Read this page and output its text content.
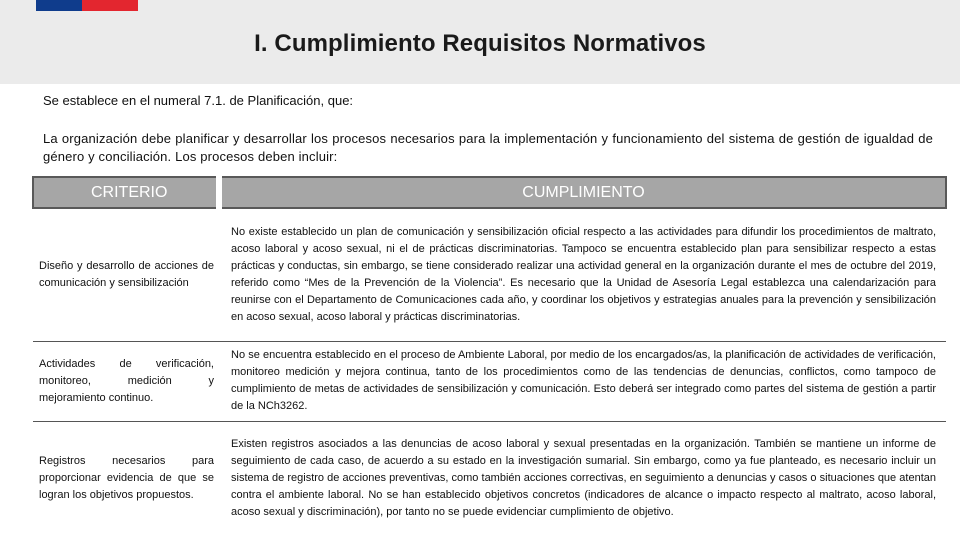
I. Cumplimiento Requisitos Normativos

Se establece en el numeral 7.1. de Planificación, que:

La organización debe planificar y desarrollar los procesos necesarios para la implementación y funcionamiento del sistema de gestión de igualdad de género y conciliación. Los procesos deben incluir:

CRITERIO	CUMPLIMIENTO
Diseño y desarrollo de acciones de comunicación y sensibilización	No existe establecido un plan de comunicación y sensibilización oficial respecto a las actividades para difundir los procedimientos de maltrato, acoso laboral y acoso sexual, ni el de prácticas discriminatorias. Tampoco se encuentra establecido plan para sensibilizar respecto a estas prácticas y conductas, sin embargo, se tiene considerado realizar una actividad general en la organización durante el mes de octubre del 2019, referido como “Mes de la Prevención de la Violencia”. Es necesario que la Unidad de Asesoría Legal establezca una calendarización para reunirse con el Departamento de Comunicaciones cada año, y coordinar los objetivos y estrategias anuales para la prevención y sensibilización en acoso sexual, acoso laboral y prácticas discriminatorias.
Actividades de verificación, monitoreo, medición y mejoramiento continuo.	No se encuentra establecido en el proceso de Ambiente Laboral, por medio de los encargados/as, la planificación de actividades de verificación, monitoreo medición y mejora continua, tanto de los procedimientos como de las tendencias de denuncias, conflictos, como tampoco de cumplimiento de metas de actividades de sensibilización y comunicación. Esto deberá ser integrado como partes del sistema de gestión a partir de la NCh3262.
Registros necesarios para proporcionar evidencia de que se logran los objetivos propuestos.	Existen registros asociados a las denuncias de acoso laboral y sexual presentadas en la organización. También se mantiene un informe de seguimiento de cada caso, de acuerdo a su estado en la investigación sumarial. Sin embargo, como ya fue planteado, es necesario incluir un sistema de registro de acciones preventivas, como también acciones correctivas, en seguimiento a denuncias y casos o situaciones que atentan contra el ambiente laboral. No se han establecido objetivos concretos (indicadores de alcance o impacto respecto al maltrato, acoso laboral, acoso sexual y discriminación), por tanto no se puede evidenciar cumplimiento de objetivo.
